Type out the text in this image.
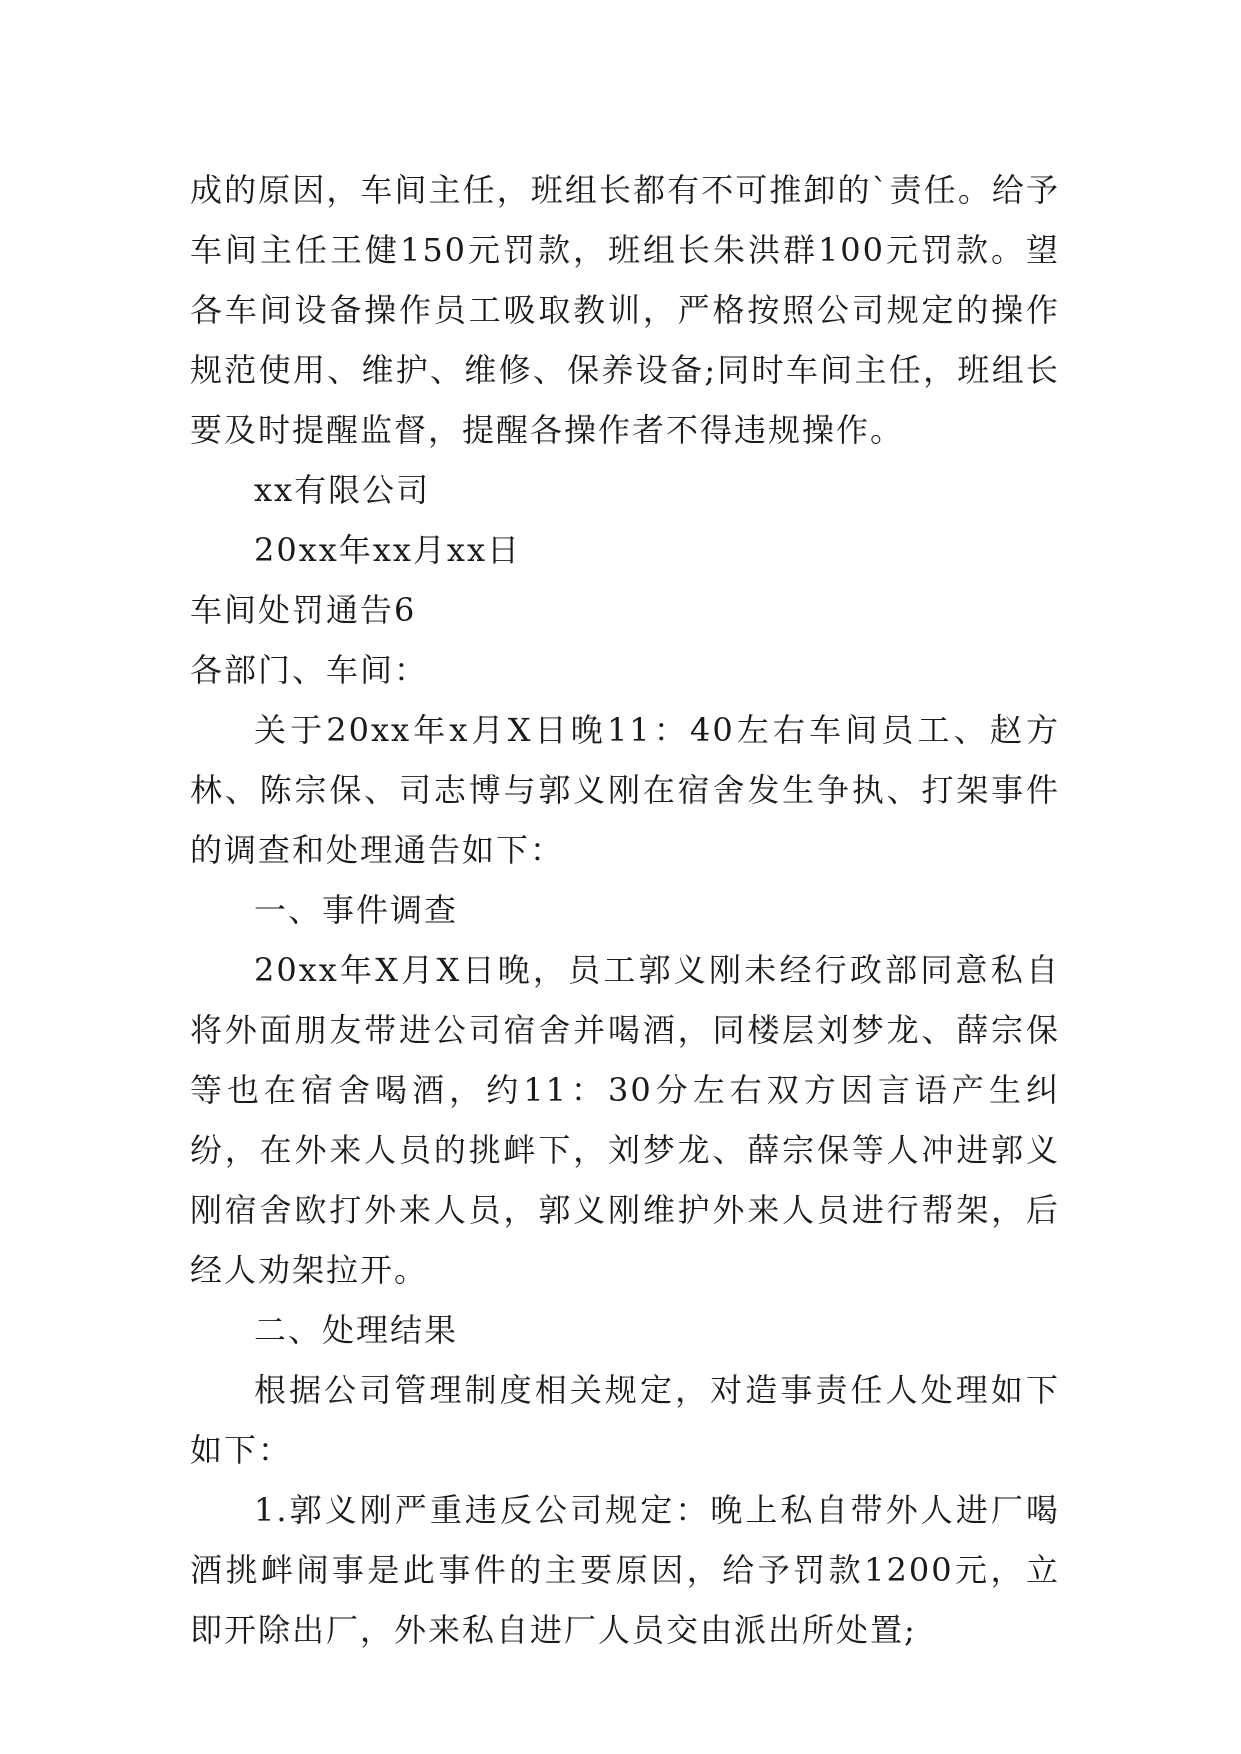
成的原因，车间主任，班组长都有不可推卸的`责任。给予车间主任王健150元罚款，班组长朱洪群100元罚款。望各车间设备操作员工吸取教训，严格按照公司规定的操作规范使用、维护、维修、保养设备;同时车间主任，班组长要及时提醒监督，提醒各操作者不得违规操作。

xx有限公司

20xx年xx月xx日

车间处罚通告6

各部门、车间：

关于20xx年x月X日晚11：40左右车间员工、赵方林、陈宗保、司志博与郭义刚在宿舍发生争执、打架事件的调查和处理通告如下：

一、事件调查

20xx年X月X日晚，员工郭义刚未经行政部同意私自将外面朋友带进公司宿舍并喝酒，同楼层刘梦龙、薛宗保等也在宿舍喝酒，约11：30分左右双方因言语产生纠纷，在外来人员的挑衅下，刘梦龙、薛宗保等人冲进郭义刚宿舍欧打外来人员，郭义刚维护外来人员进行帮架，后经人劝架拉开。

二、处理结果

根据公司管理制度相关规定，对造事责任人处理如下如下：

1.郭义刚严重违反公司规定：晚上私自带外人进厂喝酒挑衅闹事是此事件的主要原因，给予罚款1200元，立即开除出厂，外来私自进厂人员交由派出所处置;
